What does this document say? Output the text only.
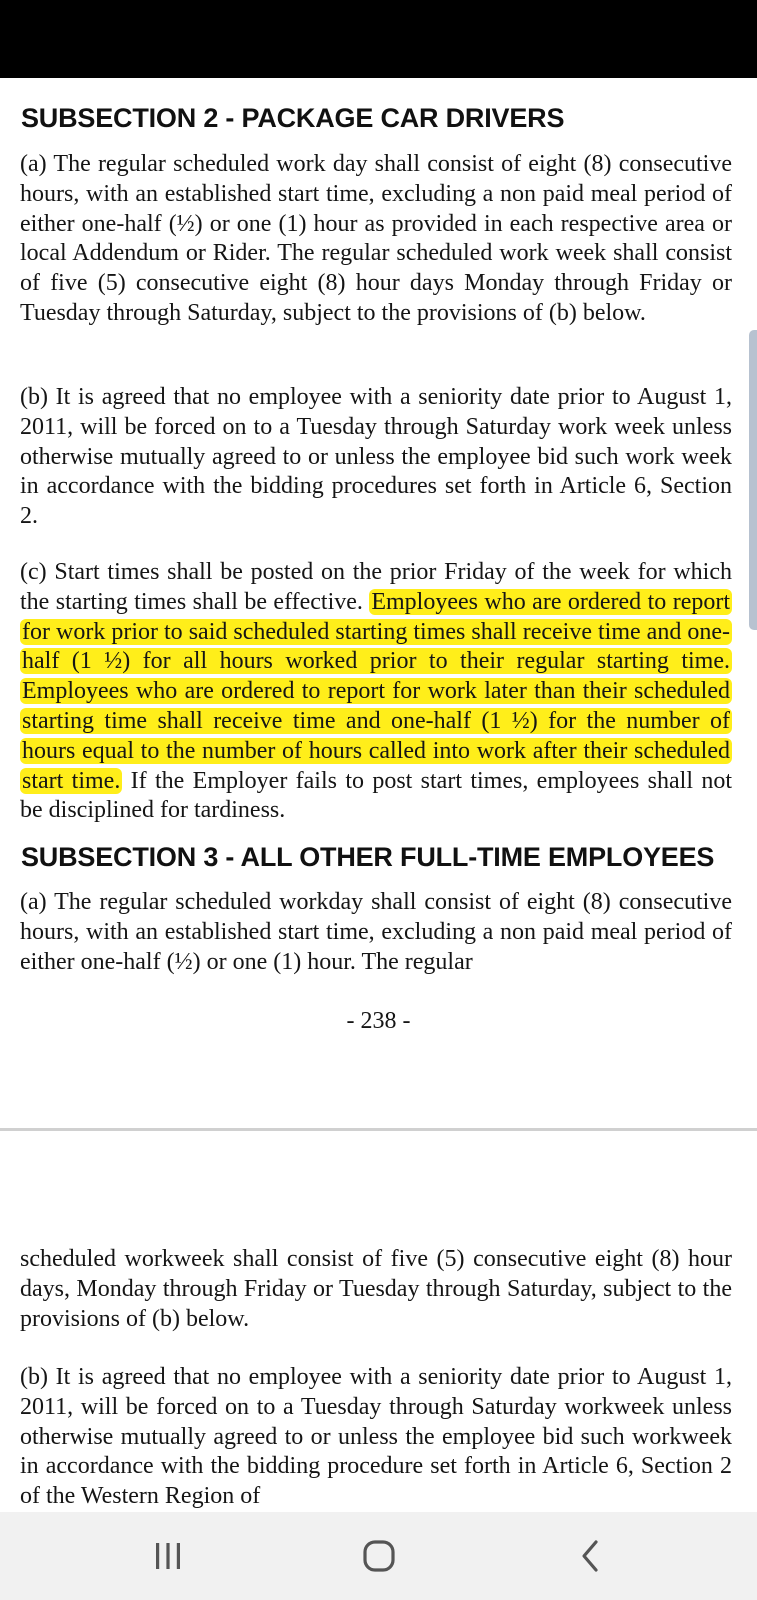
SUBSECTION 2 - PACKAGE CAR DRIVERS

(a) The regular scheduled work day shall consist of eight (8) consecutive hours, with an established start time, excluding a non paid meal period of either one-half (½) or one (1) hour as provided in each respective area or local Addendum or Rider. The regular scheduled work week shall consist of five (5) consecutive eight (8) hour days Monday through Friday or Tuesday through Saturday, subject to the provisions of (b) below.

(b) It is agreed that no employee with a seniority date prior to August 1, 2011, will be forced on to a Tuesday through Saturday work week unless otherwise mutually agreed to or unless the employee bid such work week in accordance with the bidding procedures set forth in Article 6, Section 2.

(c) Start times shall be posted on the prior Friday of the week for which the starting times shall be effective. Employees who are ordered to report for work prior to said scheduled starting times shall receive time and one-half (1 ½) for all hours worked prior to their regular starting time. Employees who are ordered to report for work later than their scheduled starting time shall receive time and one-half (1 ½) for the number of hours equal to the number of hours called into work after their scheduled start time. If the Employer fails to post start times, employees shall not be disciplined for tardiness.

SUBSECTION 3 - ALL OTHER FULL-TIME EMPLOYEES

(a) The regular scheduled workday shall consist of eight (8) consecutive hours, with an established start time, excluding a non paid meal period of either one-half (½) or one (1) hour. The regular

- 238 -

scheduled workweek shall consist of five (5) consecutive eight (8) hour days, Monday through Friday or Tuesday through Saturday, subject to the provisions of (b) below.

(b) It is agreed that no employee with a seniority date prior to August 1, 2011, will be forced on to a Tuesday through Saturday workweek unless otherwise mutually agreed to or unless the employee bid such workweek in accordance with the bidding procedure set forth in Article 6, Section 2 of the Western Region of
